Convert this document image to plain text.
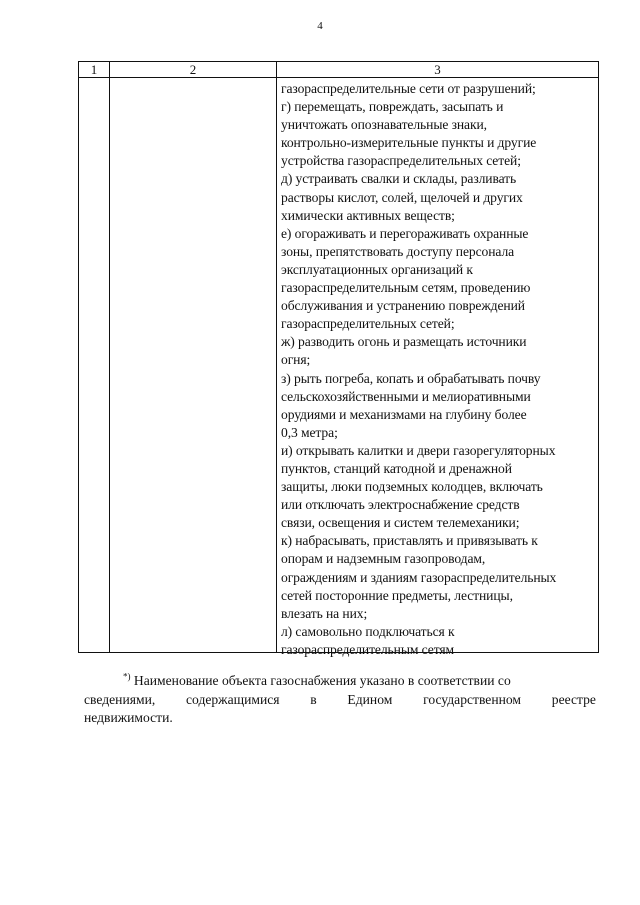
4
1	2	3
газораспределительные сети от разрушений;
г) перемещать, повреждать, засыпать и
уничтожать опознавательные знаки,
контрольно-измерительные пункты и другие
устройства газораспределительных сетей;
д) устраивать свалки и склады, разливать
растворы кислот, солей, щелочей и других
химически активных веществ;
е) огораживать и перегораживать охранные
зоны, препятствовать доступу персонала
эксплуатационных организаций к
газораспределительным сетям, проведению
обслуживания и устранению повреждений
газораспределительных сетей;
ж) разводить огонь и размещать источники
огня;
з) рыть погреба, копать и обрабатывать почву
сельскохозяйственными и мелиоративными
орудиями и механизмами на глубину более
0,3 метра;
и) открывать калитки и двери газорегуляторных
пунктов, станций катодной и дренажной
защиты, люки подземных колодцев, включать
или отключать электроснабжение средств
связи, освещения и систем телемеханики;
к) набрасывать, приставлять и привязывать к
опорам и надземным газопроводам,
ограждениям и зданиям газораспределительных
сетей посторонние предметы, лестницы,
влезать на них;
л) самовольно подключаться к
газораспределительным сетям
*) Наименование объекта газоснабжения указано в соответствии со
сведениями, содержащимися в Едином государственном реестре
недвижимости.
